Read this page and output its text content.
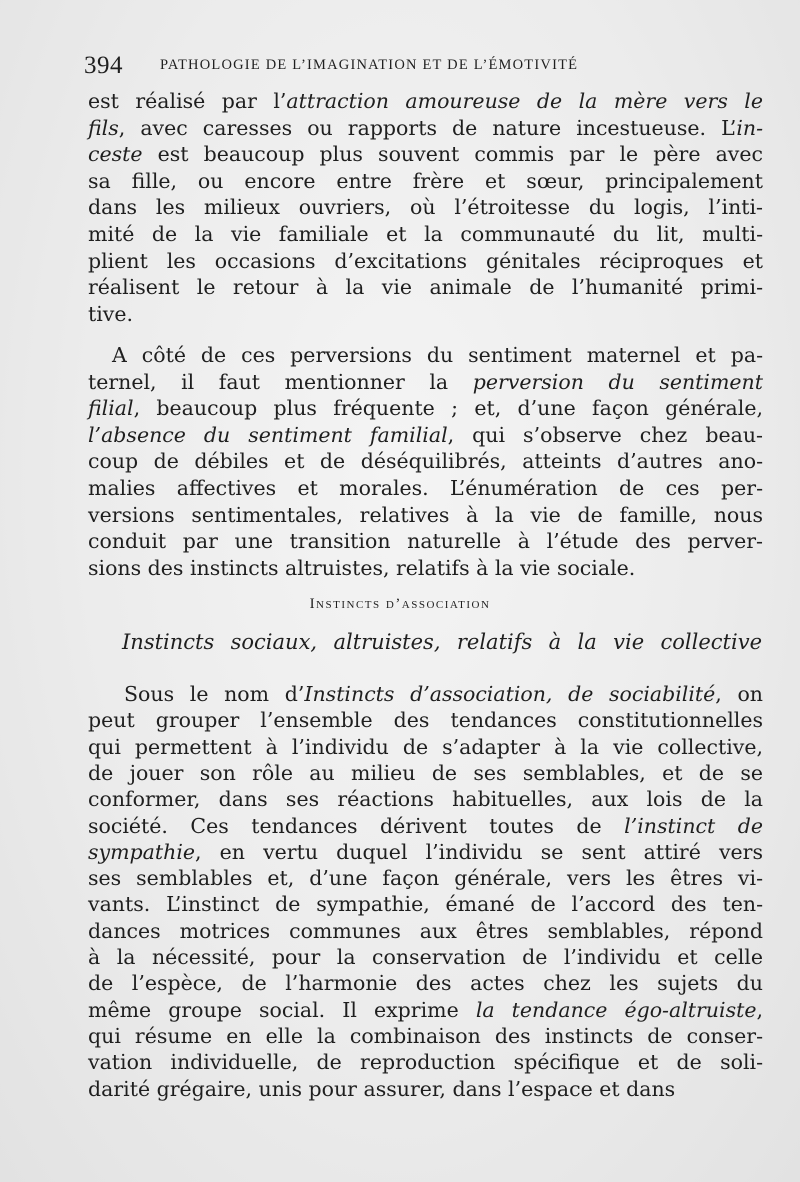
394	PATHOLOGIE DE L’IMAGINATION ET DE L’ÉMOTIVITÉ
est réalisé par l’attraction amoureuse de la mère vers le
fils, avec caresses ou rapports de nature incestueuse. L’in-
ceste est beaucoup plus souvent commis par le père avec
sa fille, ou encore entre frère et sœur, principalement
dans les milieux ouvriers, où l’étroitesse du logis, l’inti-
mité de la vie familiale et la communauté du lit, multi-
plient les occasions d’excitations génitales réciproques et
réalisent le retour à la vie animale de l’humanité primi-
tive.
A côté de ces perversions du sentiment maternel et pa-
ternel, il faut mentionner la perversion du sentiment
filial, beaucoup plus fréquente ; et, d’une façon générale,
l’absence du sentiment familial, qui s’observe chez beau-
coup de débiles et de déséquilibrés, atteints d’autres ano-
malies affectives et morales. L’énumération de ces per-
versions sentimentales, relatives à la vie de famille, nous
conduit par une transition naturelle à l’étude des perver-
sions des instincts altruistes, relatifs à la vie sociale.
Sous le nom d’Instincts d’association, de sociabilité, on
peut grouper l’ensemble des tendances constitutionnelles
qui permettent à l’individu de s’adapter à la vie collective,
de jouer son rôle au milieu de ses semblables, et de se
conformer, dans ses réactions habituelles, aux lois de la
société. Ces tendances dérivent toutes de l’instinct de
sympathie, en vertu duquel l’individu se sent attiré vers
ses semblables et, d’une façon générale, vers les êtres vi-
vants. L’instinct de sympathie, émané de l’accord des ten-
dances motrices communes aux êtres semblables, répond
à la nécessité, pour la conservation de l’individu et celle
de l’espèce, de l’harmonie des actes chez les sujets du
même groupe social. Il exprime la tendance égo-altruiste,
qui résume en elle la combinaison des instincts de conser-
vation individuelle, de reproduction spécifique et de soli-
darité grégaire, unis pour assurer, dans l’espace et dans
Instincts d’association
Instincts sociaux, altruistes, relatifs à la vie collective
